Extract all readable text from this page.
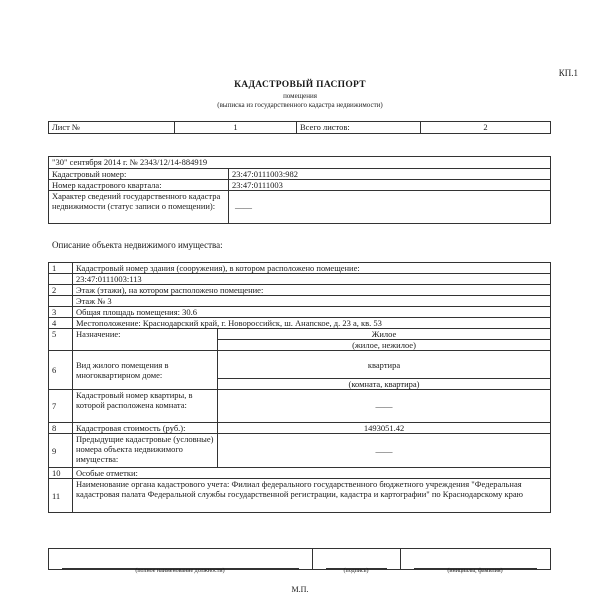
КП.1
КАДАСТРОВЫЙ ПАСПОРТ
помещения
(выписка из государственного кадастра недвижимости)
Лист №	1	Всего листов:	2
"30" сентября 2014 г. № 2343/12/14-884919	
Кадастровый номер:	23:47:0111003:982
Номер кадастрового квартала:	23:47:0111003
Характер сведений государственного кадастра недвижимости (статус записи о помещении):	——
Описание объекта недвижимого имущества:
1	Кадастровый номер здания (сооружения), в котором расположено помещение:	
	23:47:0111003:113	
2	Этаж (этажи), на котором расположено помещение:	
	Этаж № 3	
3	Общая площадь помещения: 30.6	
4	Местоположение: Краснодарский край, г. Новороссийск, ш. Анапское, д. 23 а, кв. 53	
5	Назначение:	Жилое
		(жилое, нежилое)
6	Вид жилого помещения в многоквартирном доме:	квартира
		(комната, квартира)
7	Кадастровый номер квартиры, в которой расположена комната:	——
8	Кадастровая стоимость (руб.):	1493051.42
9	Предыдущие кадастровые (условные) номера объекта недвижимого имущества:	——
10	Особые отметки:	
11	Наименование органа кадастрового учета: Филиал федерального государственного бюджетного учреждения "Федеральная кадастровая палата Федеральной службы государственной регистрации, кадастра и картографии" по Краснодарскому краю	

(полное наименование должности)	(подпись)	(инициалы, фамилия)
М.П.
